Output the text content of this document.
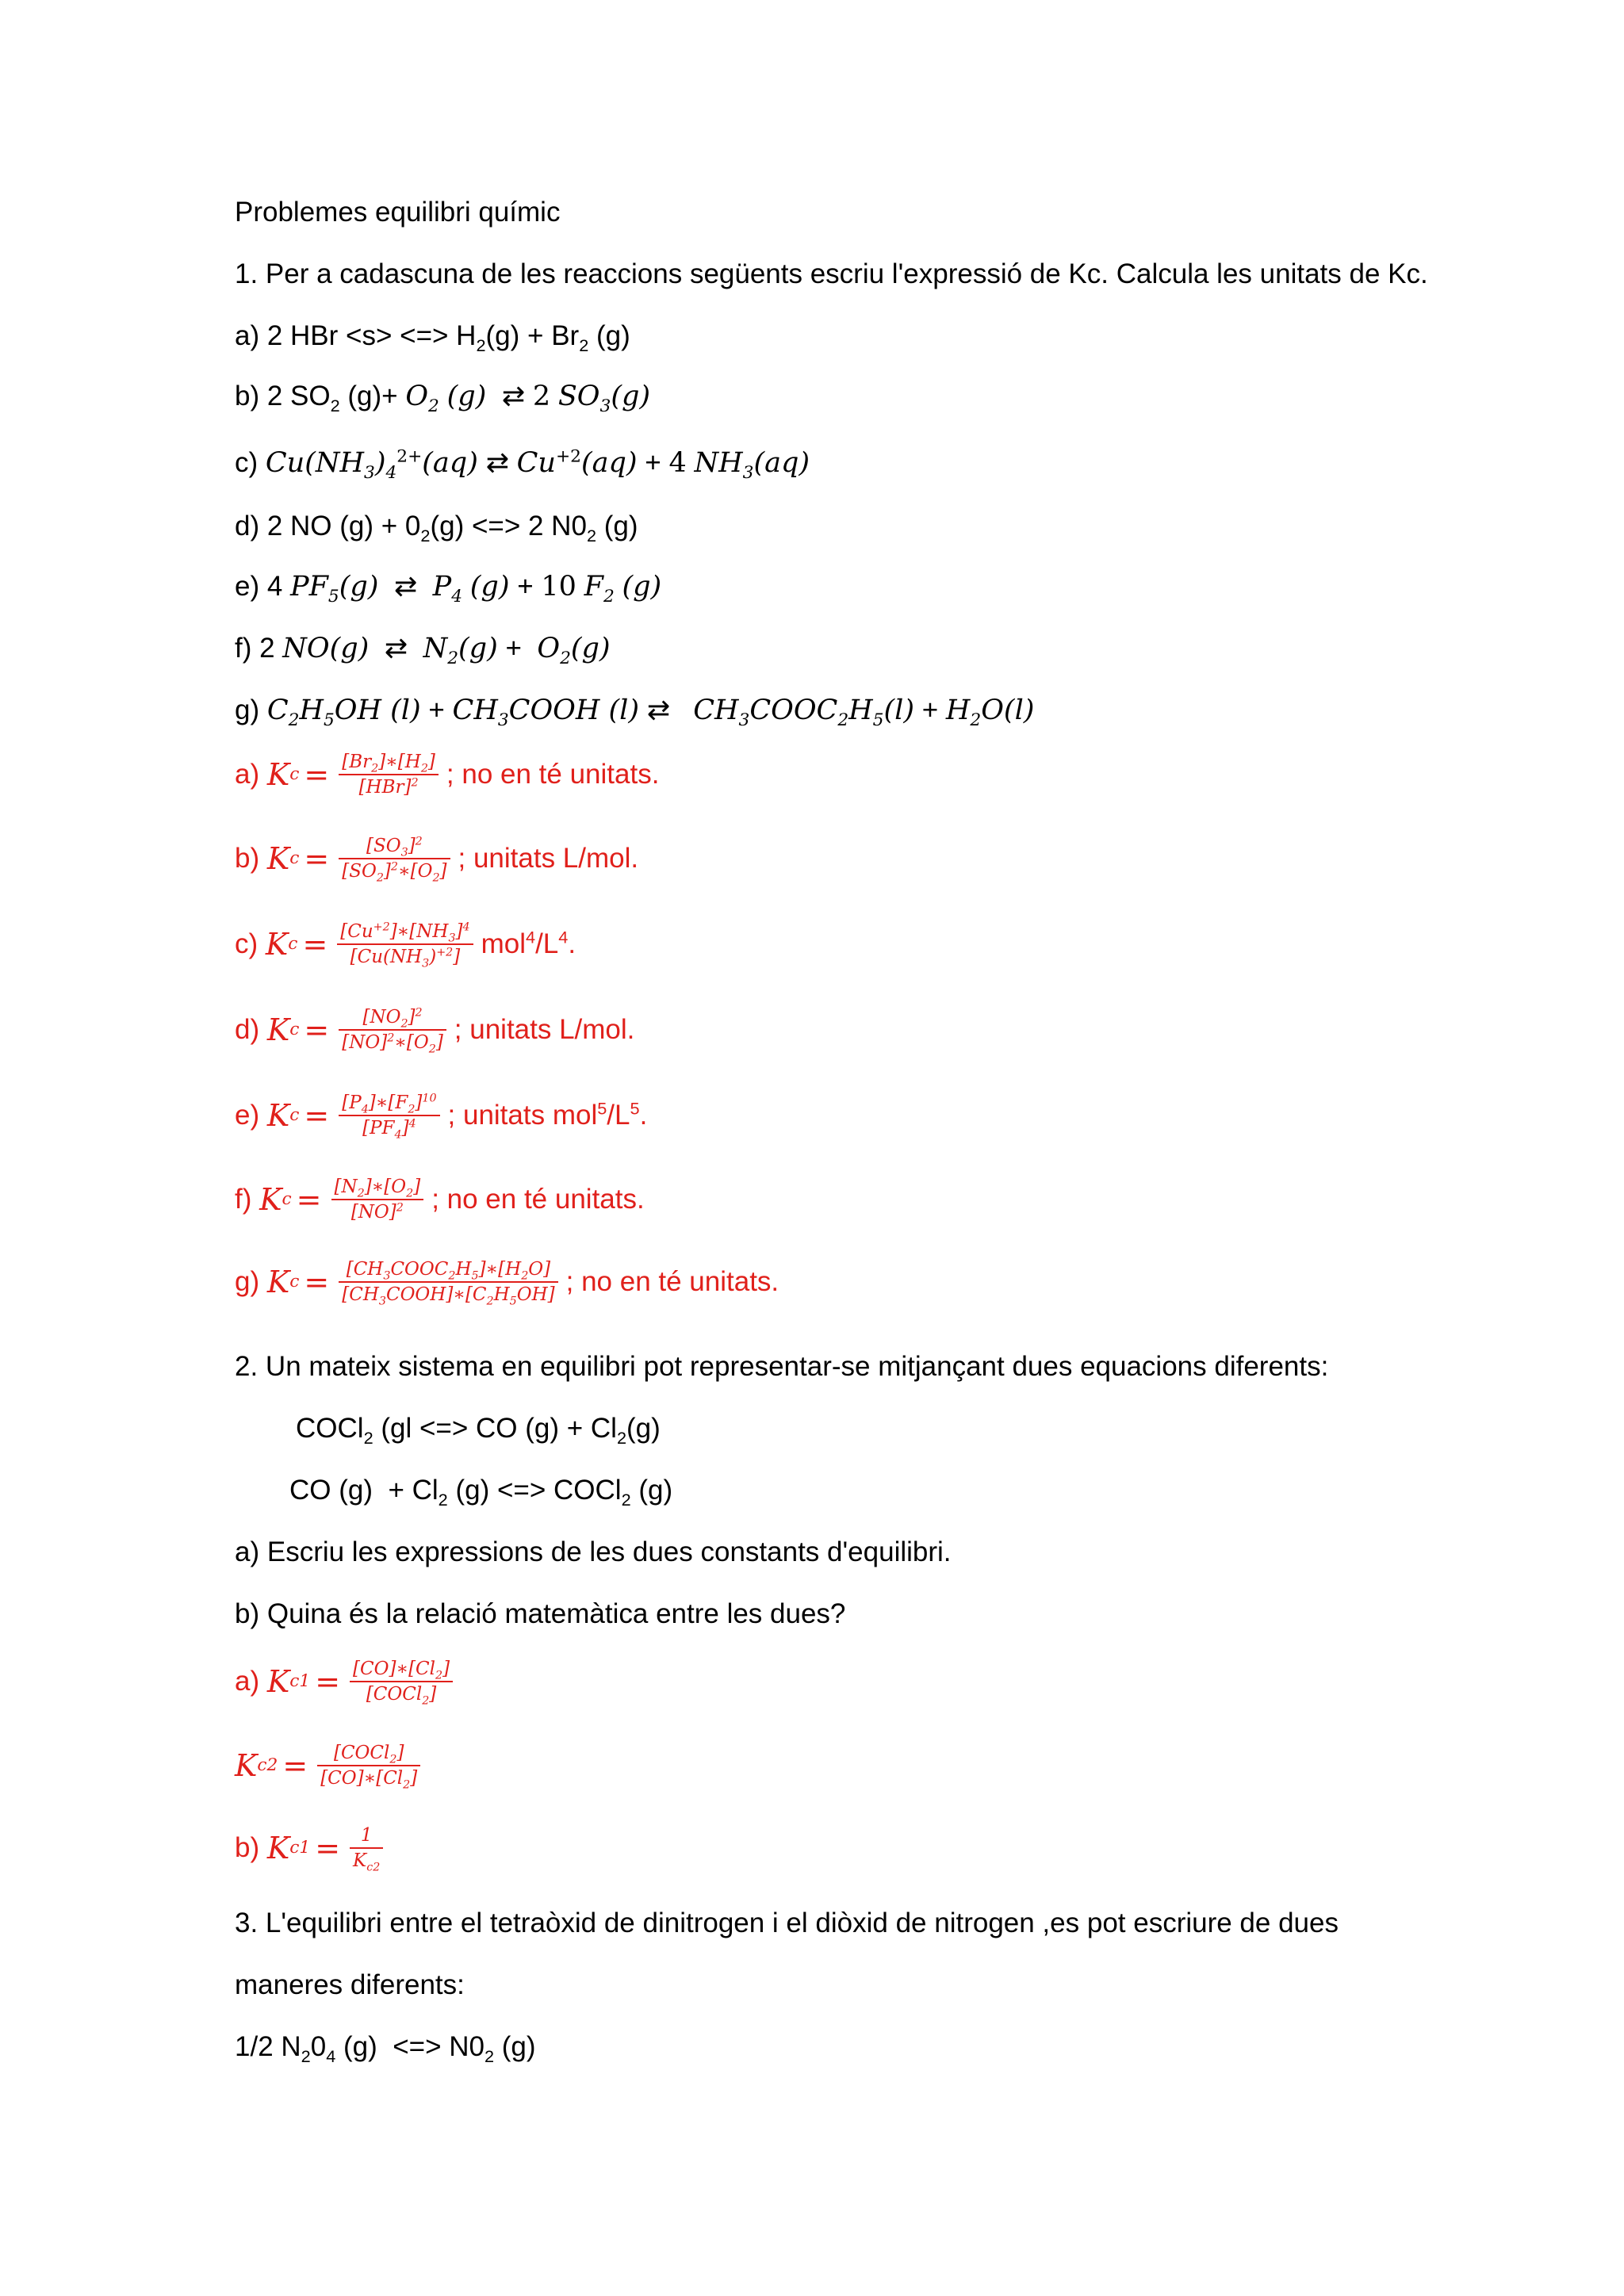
Problemes equilibri químic
1. Per a cadascuna de les reaccions següents escriu l'expressió de Kc. Calcula les unitats de Kc.
a) 2 HBr <s> <=> $H_2(g) + Br_2$ (g)
b) 2 $SO_2$ $(g)+ O_2$ (g)  ⇄ 2 $SO_3(g)$
c) $Cu(NH_3)_4^{2+}(aq)$ ⇄ $Cu^{+2}(aq) + 4$ $NH_3(aq)$
d) 2 NO $(g) + 0_2(g)$ <=> 2 $N0_2$ (g)
e) 4 $PF_5(g)$  ⇄  $P_4$ (g) + 10 $F_2$ (g)
f) 2 NO(g)  ⇄  $N_2(g) + O_2(g)$
g) $C_2H_5OH$ $(l) + CH_3COOH$ (l) ⇄   $CH_3COOC_2H_5(l) + H_2O(l)$
a) K $c = \frac{[Br_2]∗[H_2]}{[HBr]^2}$ ; no en té unitats.
b) K $c = \frac{[SO_3]^2}{[SO_2]^2∗[O_2]}$ ; unitats L/mol.
c) K $c = \frac{[Cu^{+2}]∗[NH_3]^4}{[Cu(NH_3)^{+2}]} mol^4/L^4$.
d) K $c = \frac{[NO_2]^2}{[NO]^2∗[O_2]}$ ; unitats L/mol.
e) K $c = \frac{[P_4]∗[F_2]^{10}}{[PF_4]^4}$ ; unitats $mol^5/L^5$.
f) K $c = \frac{[N_2]∗[O_2]}{[NO]^2}$ ; no en té unitats.
g) K $c = \frac{[CH_3COOC_2H_5]∗[H_2O]}{[CH_3COOH]∗[C_2H_5OH]}$ ; no en té unitats.
2. Un mateix sistema en equilibri pot representar-se mitjançant dues equacions diferents:
COCl$_2$ (gl <=> CO $(g) + Cl_2(g)$
CO $(g) + Cl_2$ (g) <=> COCl$_2$ (g)
a) Escriu les expressions de les dues constants d'equilibri.
b) Quina és la relació matemàtica entre les dues?
a) K $c1 = \frac{[CO]∗[Cl_2]}{[COCl_2]}$
K $c2 = \frac{[COCl_2]}{[CO]∗[Cl_2]}$
b) K $c1 = \frac{1}{K_{c2}}$
3. L'equilibri entre el tetraòxid de dinitrogen i el diòxid de nitrogen ,es pot escriure de dues
maneres diferents:
1/2 $N_20_4$ (g)  <=> $N0_2$ (g)
